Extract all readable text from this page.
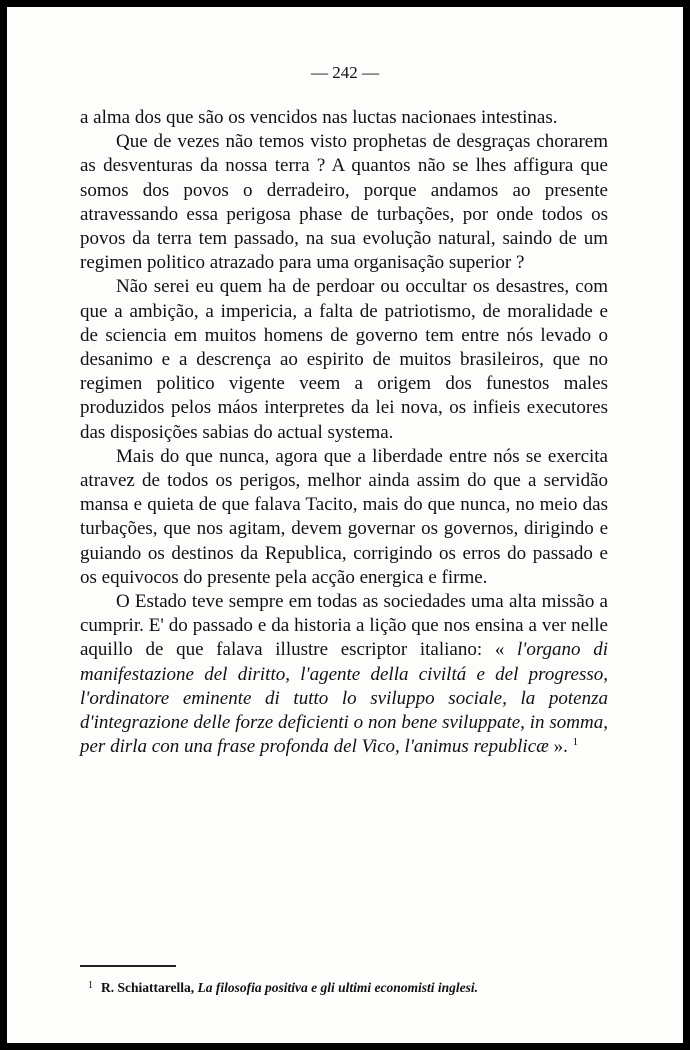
— 242 —

a alma dos que são os vencidos nas luctas nacionaes intestinas.

Que de vezes não temos visto prophetas de desgraças chorarem as desventuras da nossa terra ? A quantos não se lhes affigura que somos dos povos o derradeiro, porque andamos ao presente atravessando essa perigosa phase de turbações, por onde todos os povos da terra tem passado, na sua evolução natural, saindo de um regimen politico atrazado para uma organisação superior ?

Não serei eu quem ha de perdoar ou occultar os desastres, com que a ambição, a impericia, a falta de patriotismo, de moralidade e de sciencia em muitos homens de governo tem entre nós levado o desanimo e a descrença ao espirito de muitos brasileiros, que no regimen politico vigente veem a origem dos funestos males produzidos pelos máos interpretes da lei nova, os infieis executores das disposições sabias do actual systema.

Mais do que nunca, agora que a liberdade entre nós se exercita atravez de todos os perigos, melhor ainda assim do que a servidão mansa e quieta de que falava Tacito, mais do que nunca, no meio das turbações, que nos agitam, devem governar os governos, dirigindo e guiando os destinos da Republica, corrigindo os erros do passado e os equivocos do presente pela acção energica e firme.

O Estado teve sempre em todas as sociedades uma alta missão a cumprir. E' do passado e da historia a lição que nos ensina a ver nelle aquillo de que falava illustre escriptor italiano: « l'organo di manifestazione del diritto, l'agente della civiltá e del progresso, l'ordinatore eminente di tutto lo sviluppo sociale, la potenza d'integrazione delle forze deficienti o non bene sviluppate, in somma, per dirla con una frase profonda del Vico, l'animus republicæ ». $^1$

$^1$ R. Schiattarella, La filosofia positiva e gli ultimi economisti inglesi.
